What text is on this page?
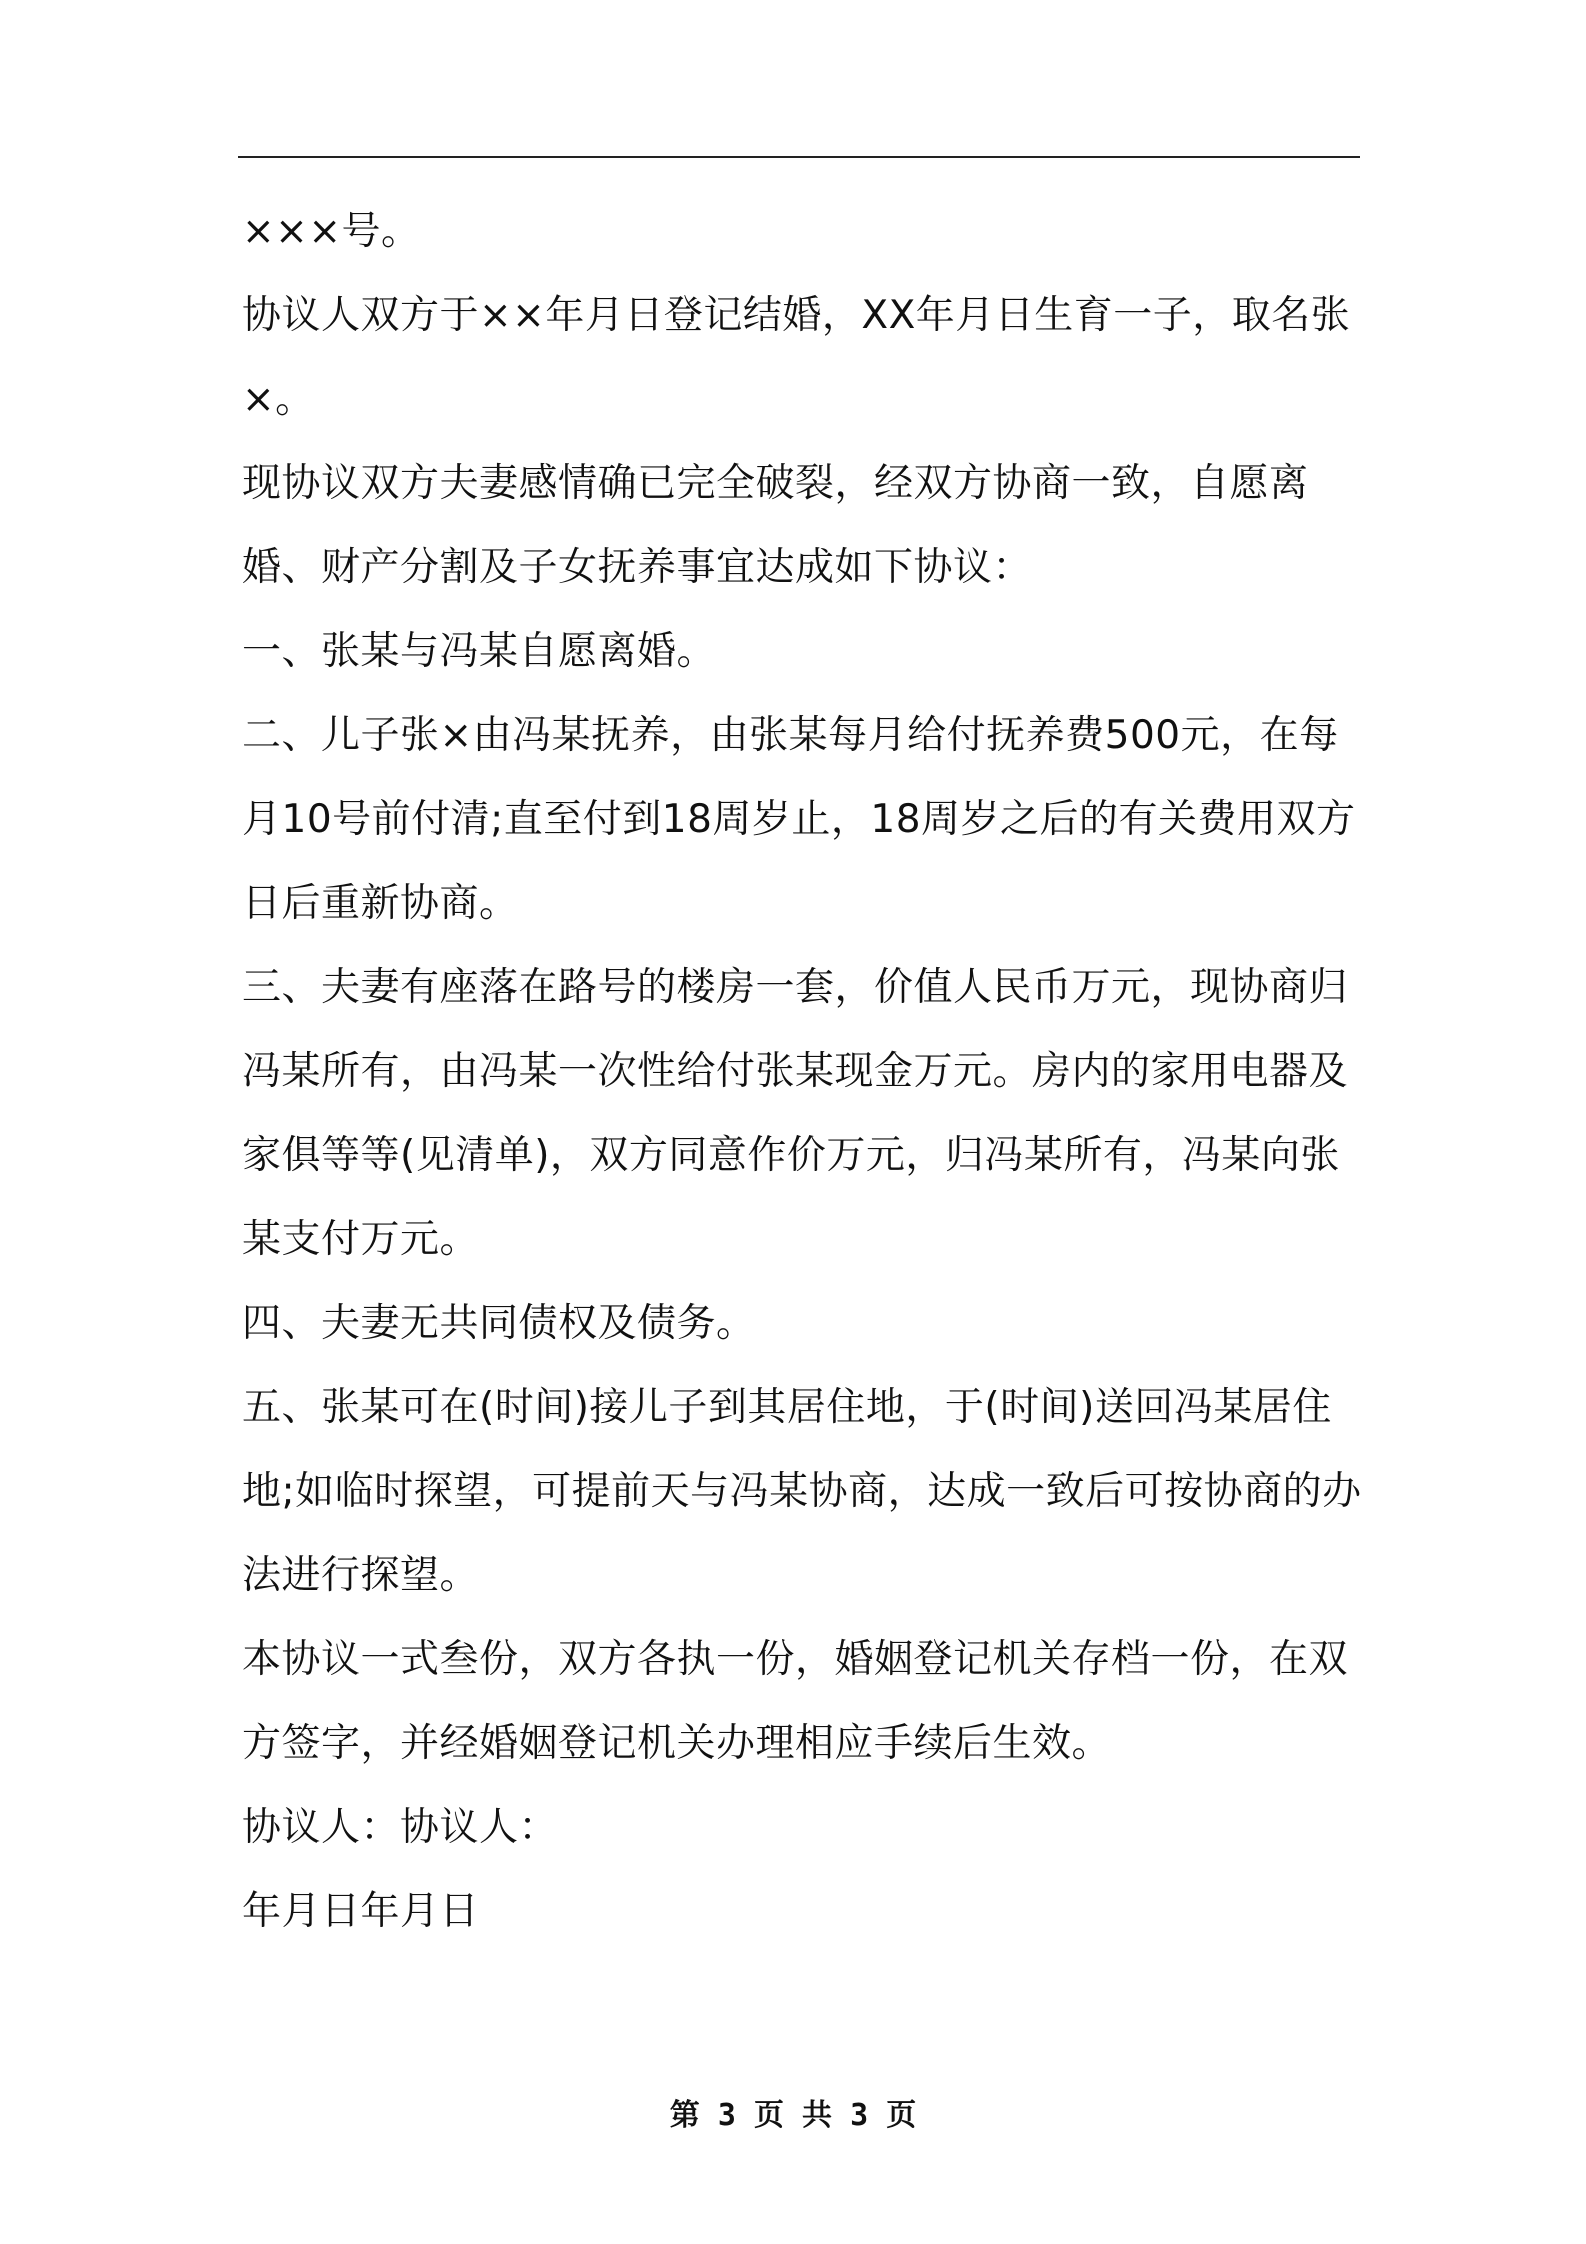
×××号。

协议人双方于××年月日登记结婚，XX年月日生育一子，取名张×。

现协议双方夫妻感情确已完全破裂，经双方协商一致，自愿离婚、财产分割及子女抚养事宜达成如下协议：

一、张某与冯某自愿离婚。

二、儿子张×由冯某抚养，由张某每月给付抚养费500元，在每月10号前付清;直至付到18周岁止，18周岁之后的有关费用双方日后重新协商。

三、夫妻有座落在路号的楼房一套，价值人民币万元，现协商归冯某所有，由冯某一次性给付张某现金万元。房内的家用电器及家俱等等(见清单)，双方同意作价万元，归冯某所有，冯某向张某支付万元。

四、夫妻无共同债权及债务。

五、张某可在(时间)接儿子到其居住地，于(时间)送回冯某居住地;如临时探望，可提前天与冯某协商，达成一致后可按协商的办法进行探望。

本协议一式叁份，双方各执一份，婚姻登记机关存档一份，在双方签字，并经婚姻登记机关办理相应手续后生效。

协议人：协议人：

年月日年月日

第 3 页 共 3 页
